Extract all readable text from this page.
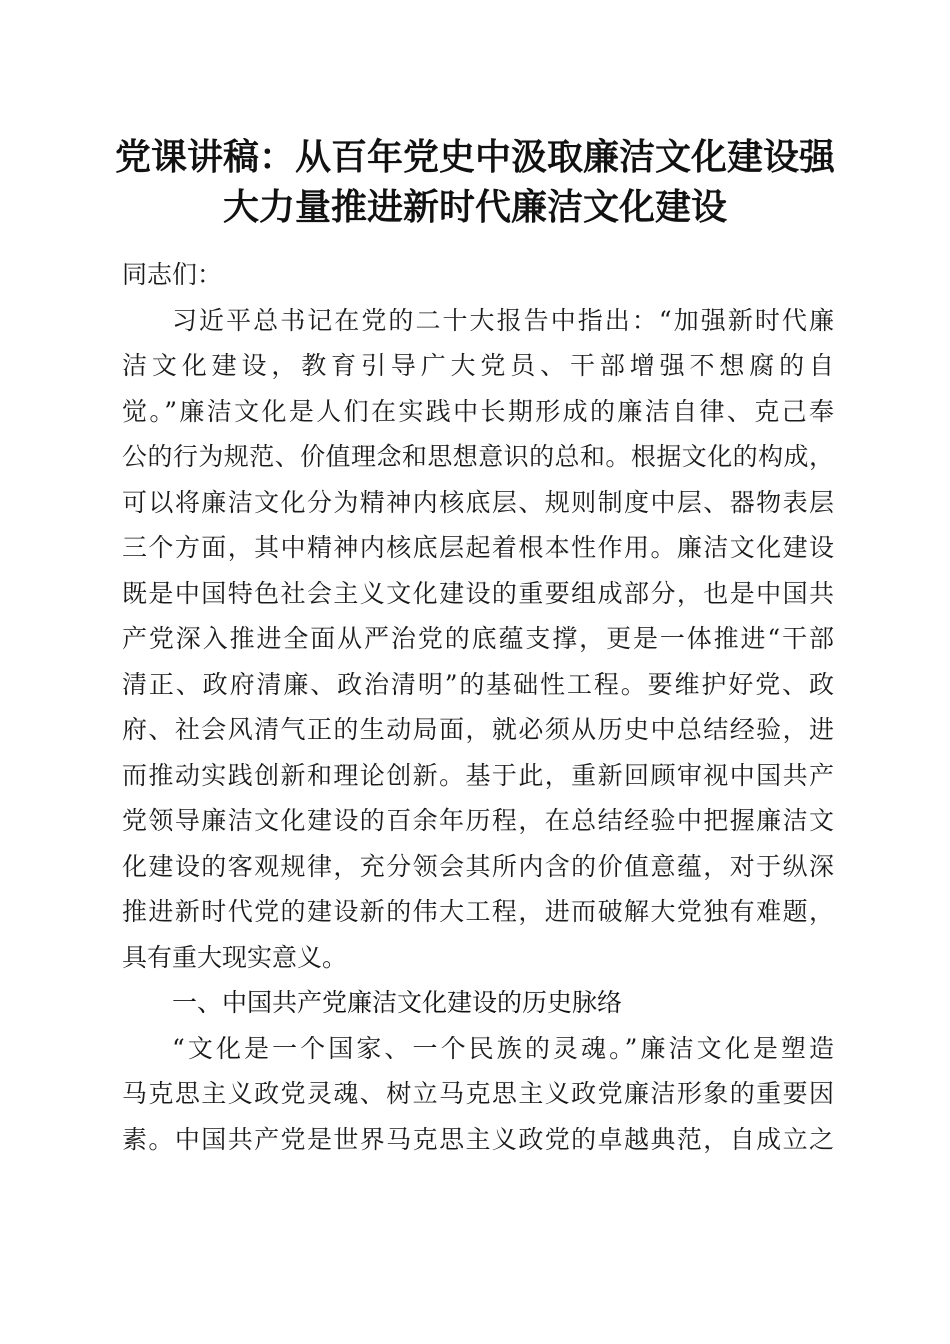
党课讲稿：从百年党史中汲取廉洁文化建设强
大力量推进新时代廉洁文化建设
同志们：
习近平总书记在党的二十大报告中指出：“加强新时代廉
洁文化建设，教育引导广大党员、干部增强不想腐的自
觉。”廉洁文化是人们在实践中长期形成的廉洁自律、克己奉
公的行为规范、价值理念和思想意识的总和。根据文化的构成，
可以将廉洁文化分为精神内核底层、规则制度中层、器物表层
三个方面，其中精神内核底层起着根本性作用。廉洁文化建设
既是中国特色社会主义文化建设的重要组成部分，也是中国共
产党深入推进全面从严治党的底蕴支撑，更是一体推进“干部
清正、政府清廉、政治清明”的基础性工程。要维护好党、政
府、社会风清气正的生动局面，就必须从历史中总结经验，进
而推动实践创新和理论创新。基于此，重新回顾审视中国共产
党领导廉洁文化建设的百余年历程，在总结经验中把握廉洁文
化建设的客观规律，充分领会其所内含的价值意蕴，对于纵深
推进新时代党的建设新的伟大工程，进而破解大党独有难题，
具有重大现实意义。
一、中国共产党廉洁文化建设的历史脉络
“文化是一个国家、一个民族的灵魂。”廉洁文化是塑造
马克思主义政党灵魂、树立马克思主义政党廉洁形象的重要因
素。中国共产党是世界马克思主义政党的卓越典范，自成立之
